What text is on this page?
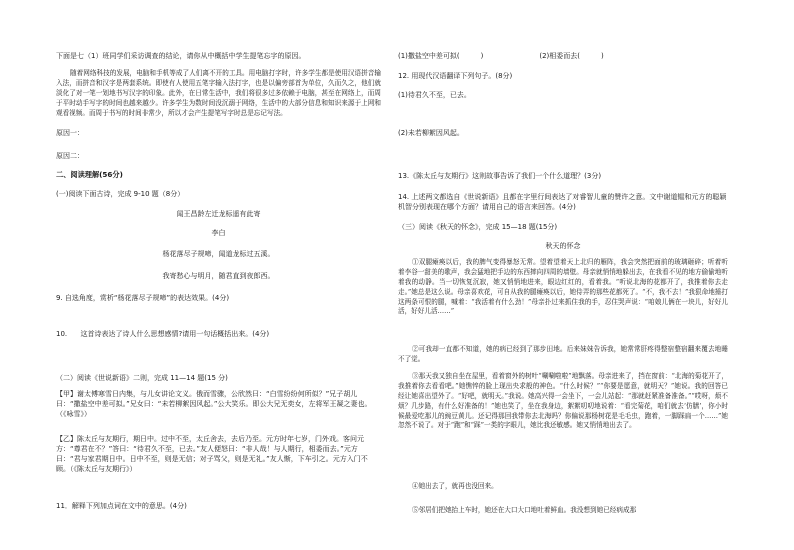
下面是七（1）班同学们采访调查的结论，请你从中概括中学生提笔忘字的原因。

随着网络科技的发展，电脑和手机等成了人们离不开的工具。用电脑打字时，许多学生都是使用汉语拼音输入法，而拼音和汉字是两套系统。即使有人使用五笔字输入法打字，也是以偏旁部首为单位，久而久之，他们就淡化了对一笔一划地书写汉字的印象。此外，在日常生活中，我们将很多过多依赖于电脑，甚至在网络上，而周于平时动手写字的时间也越来越少。许多学生为数时间没沉溺于网络，生活中的大部分信息和知识来源于上网和观看视频。而周于书写的时间非常少，所以才会产生提笔写字时总是忘记写法。

原因一：

原因二：

二、阅读理解(56分)

(一)阅读下面古诗，完成 9-10 题（8分）

闻王昌龄左迁龙标遥有此寄

李白

杨花落尽子规啼，闻道龙标过五溪。

我寄愁心与明月，随君直到夜郎西。

9. 自选角度，赏析“杨花落尽子规啼”的表达效果。(4分)

10. 这首诗表达了诗人什么思想感情?请用一句话概括出来。(4分)

（二）阅读《世说新语》二则，完成 11—14 题(15 分)

【甲】谢太傅寒雪日内集，与儿女讲论文义。俄而雪骤，公欣然曰：“白雪纷纷何所似？”兄子胡儿曰：“撒盐空中差可拟。”兄女曰：“未若柳絮因风起。”公大笑乐。即公大兄无奕女，左将军王凝之妻也。（《咏雪》）

【乙】陈太丘与友期行，期日中。过中不至，太丘舍去，去后乃至。元方时年七岁，门外戏。客问元方：“尊君在不？”答曰：“待君久不至，已去。”友人便怒曰：“非人哉！与人期行，相委而去。”元方曰：“君与家君期日中。日中不至，则是无信；对子骂父，则是无礼。”友人惭，下车引之。元方入门不顾。（《陈太丘与友期行》）

11．解释下列加点词在文中的意思。(4分)

(1)撒盐空中差可拟(　　　)　　　　　　　　(2)相委而去(　　　)

12. 用现代汉语翻译下列句子。(8分)

(1)待君久不至，已去。

(2)未若柳絮因风起。

13.《陈太丘与友期行》这则故事告诉了我们一个什么道理？(3分)

14. 上述两文都选自《世说新语》且都在字里行间表达了对睿智儿童的赞许之意。文中谢道韫和元方的聪颖机智分别表现在哪个方面？请用自己的语言来回答。(4分)

（三）阅读《秋天的怀念》，完成 15—18 题(15分)

秋天的怀念

①双腿瘫痪以后，我的脾气变得暴怒无常。望着望着天上北归的雁阵，我会突然把面前的玻璃砸碎；听着听着李谷一甜美的歌声，我会猛地把手边的东西摔向四周的墙壁。母亲就悄悄地躲出去，在我看不见的地方偷偷地听着我的动静。当一切恢复沉寂，她又悄悄地进来，眼边红红的，看着我。“听说北海的花都开了，我推着你去走走。”她总是这么说。母亲喜欢花，可自从我的腿瘫痪以后，她侍弄的那些花都死了。“不，我不去！”我狠命地捶打这两条可恨的腿，喊着：“我活着有什么劲！”母亲扑过来抓住我的手，忍住哭声说：“咱娘儿俩在一块儿，好好儿活，好好儿活……”

②可我却一直都不知道，她的病已经到了那步田地。后来妹妹告诉我，她常常肝疼得整宿整宿翻来覆去地睡不了觉。

③那天我又独自坐在屋里，看着窗外的树叶“唰唰啦啦”地飘落。母亲进来了，挡在窗前：“北海的菊花开了，我推着你去看看吧。”她憔悴的脸上现出央求般的神色。“什么时候？”“你要是愿意，就明天？”她说。我的回答已经让她喜出望外了。“好吧，就明天。”我说。她高兴得一会坐下，一会儿站起：“那就赶紧准备准备。”“哎呀，烦不烦？几步路，有什么好准备的！”她也笑了，坐在我身边，絮絮叨叨地说着：“看完菊花，咱们就去‘仿膳’，你小时候最爱吃那儿的豌豆黄儿。还记得那回我带你去北海吗？你偏说那杨树花是毛毛虫，跑着，一脚踩扁一个……”她忽然不说了。对于“跑”和“踩”一类的字眼儿，她比我还敏感。她又悄悄地出去了。

④她出去了，就再也没回来。

⑤邻居们把她抬上车时，她还在大口大口地吐着鲜血。我没想到她已经病成那
